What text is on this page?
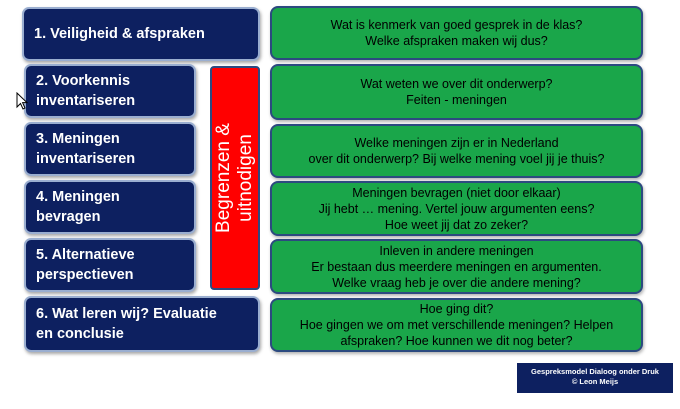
1. Veiligheid & afspraken
2. Voorkennis
inventariseren
3. Meningen
inventariseren
4. Meningen
bevragen
5. Alternatieve
perspectieven
6. Wat leren wij? Evaluatie
en conclusie
Begrenzen &
uitnodigen
Wat is kenmerk van goed gesprek in de klas?
Welke afspraken maken wij dus?
Wat weten we over dit onderwerp?
Feiten - meningen
Welke meningen zijn er in Nederland
over dit onderwerp? Bij welke mening voel jij je thuis?
Meningen bevragen (niet door elkaar)
Jij hebt … mening. Vertel jouw argumenten eens?
Hoe weet jij dat zo zeker?
Inleven in andere meningen
Er bestaan dus meerdere meningen en argumenten.
Welke vraag heb je over die andere mening?
Hoe ging dit?
Hoe gingen we om met verschillende meningen? Helpen
afspraken? Hoe kunnen we dit nog beter?
Gespreksmodel Dialoog onder Druk
© Leon Meijs
